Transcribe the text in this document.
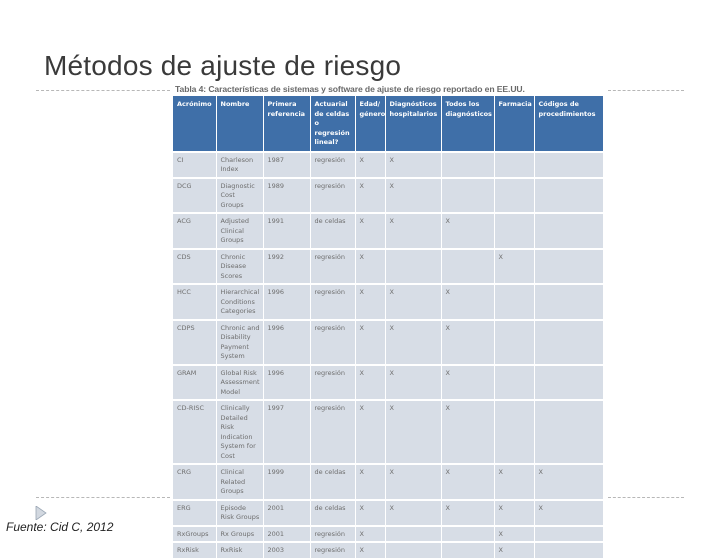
Métodos de ajuste de riesgo
Tabla 4: Características de sistemas y software de ajuste de riesgo reportado en EE.UU.
Acrónimo	Nombre	Primera referencia	Actuarial de celdas o regresión lineal?	Edad/ género	Diagnósticos hospitalarios	Todos los diagnósticos	Farmacia	Códigos de procedimientos
CI	Charleson Index	1987	regresión	X	X			
DCG	Diagnostic Cost Groups	1989	regresión	X	X			
ACG	Adjusted Clinical Groups	1991	de celdas	X	X	X		
CDS	Chronic Disease Scores	1992	regresión	X			X	
HCC	Hierarchical Conditions Categories	1996	regresión	X	X	X		
CDPS	Chronic and Disability Payment System	1996	regresión	X	X	X		
GRAM	Global Risk Assessment Model	1996	regresión	X	X	X		
CD-RISC	Clinically Detailed Risk Indication System for Cost	1997	regresión	X	X	X		
CRG	Clinical Related Groups	1999	de celdas	X	X	X	X	X
ERG	Episode Risk Groups	2001	de celdas	X	X	X	X	X
RxGroups	Rx Groups	2001	regresión	X			X	
RxRisk	RxRisk	2003	regresión	X			X	
Fuente: Cid C, 2012
